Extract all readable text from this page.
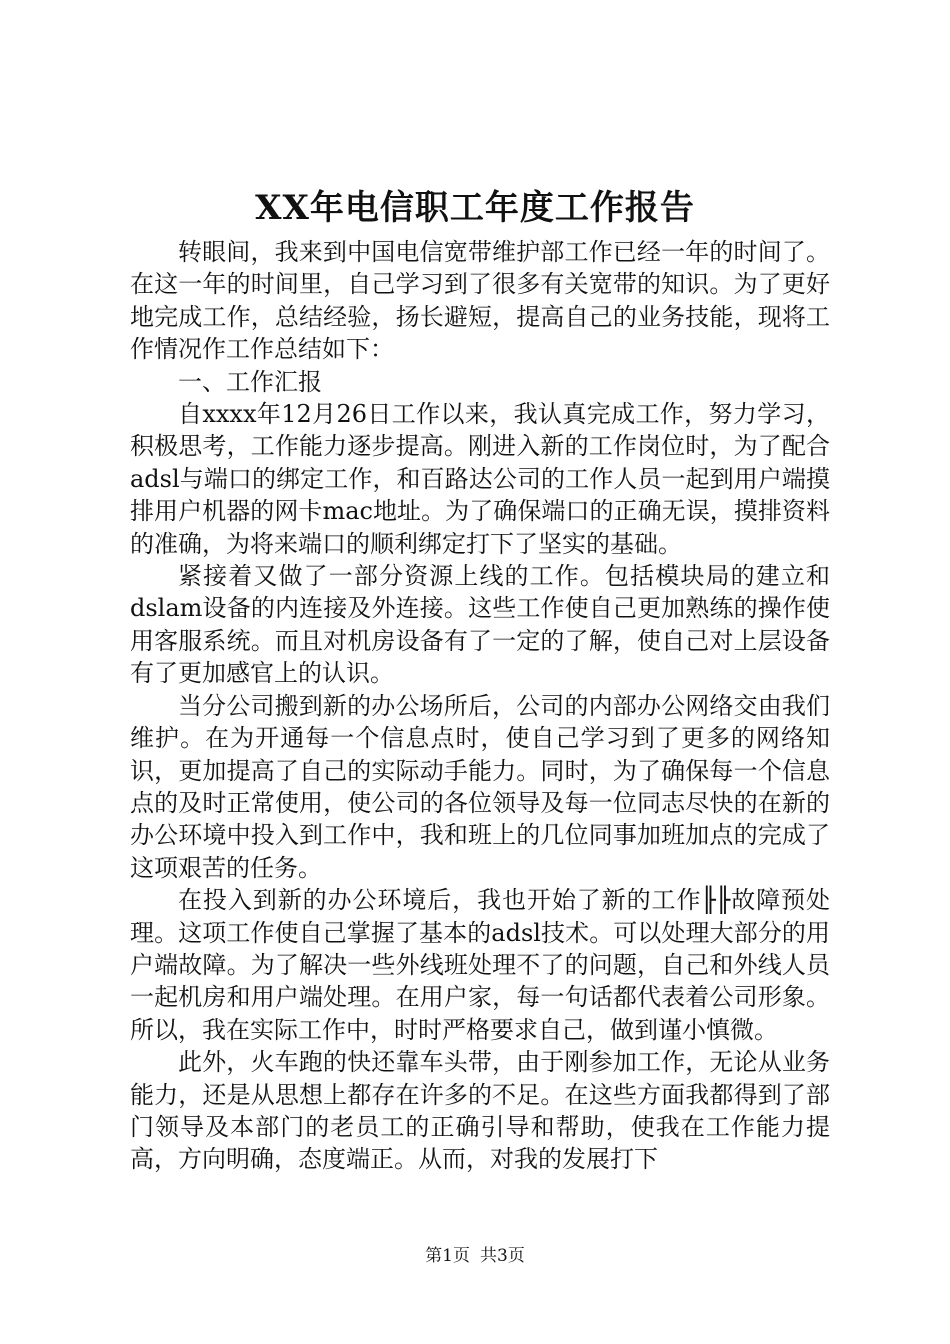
XX年电信职工年度工作报告

转眼间，我来到中国电信宽带维护部工作已经一年的时间了。在这一年的时间里，自己学习到了很多有关宽带的知识。为了更好地完成工作，总结经验，扬长避短，提高自己的业务技能，现将工作情况作工作总结如下：

一、工作汇报

自xxxx年12月26日工作以来，我认真完成工作，努力学习，积极思考，工作能力逐步提高。刚进入新的工作岗位时，为了配合adsl与端口的绑定工作，和百路达公司的工作人员一起到用户端摸排用户机器的网卡mac地址。为了确保端口的正确无误，摸排资料的准确，为将来端口的顺利绑定打下了坚实的基础。

紧接着又做了一部分资源上线的工作。包括模块局的建立和dslam设备的内连接及外连接。这些工作使自己更加熟练的操作使用客服系统。而且对机房设备有了一定的了解，使自己对上层设备有了更加感官上的认识。

当分公司搬到新的办公场所后，公司的内部办公网络交由我们维护。在为开通每一个信息点时，使自己学习到了更多的网络知识，更加提高了自己的实际动手能力。同时，为了确保每一个信息点的及时正常使用，使公司的各位领导及每一位同志尽快的在新的办公环境中投入到工作中，我和班上的几位同事加班加点的完成了这项艰苦的任务。

在投入到新的办公环境后，我也开始了新的工作╟╟故障预处理。这项工作使自己掌握了基本的adsl技术。可以处理大部分的用户端故障。为了解决一些外线班处理不了的问题，自己和外线人员一起机房和用户端处理。在用户家，每一句话都代表着公司形象。所以，我在实际工作中，时时严格要求自己，做到谨小慎微。

此外，火车跑的快还靠车头带，由于刚参加工作，无论从业务能力，还是从思想上都存在许多的不足。在这些方面我都得到了部门领导及本部门的老员工的正确引导和帮助，使我在工作能力提高，方向明确，态度端正。从而，对我的发展打下

第1页 共3页
